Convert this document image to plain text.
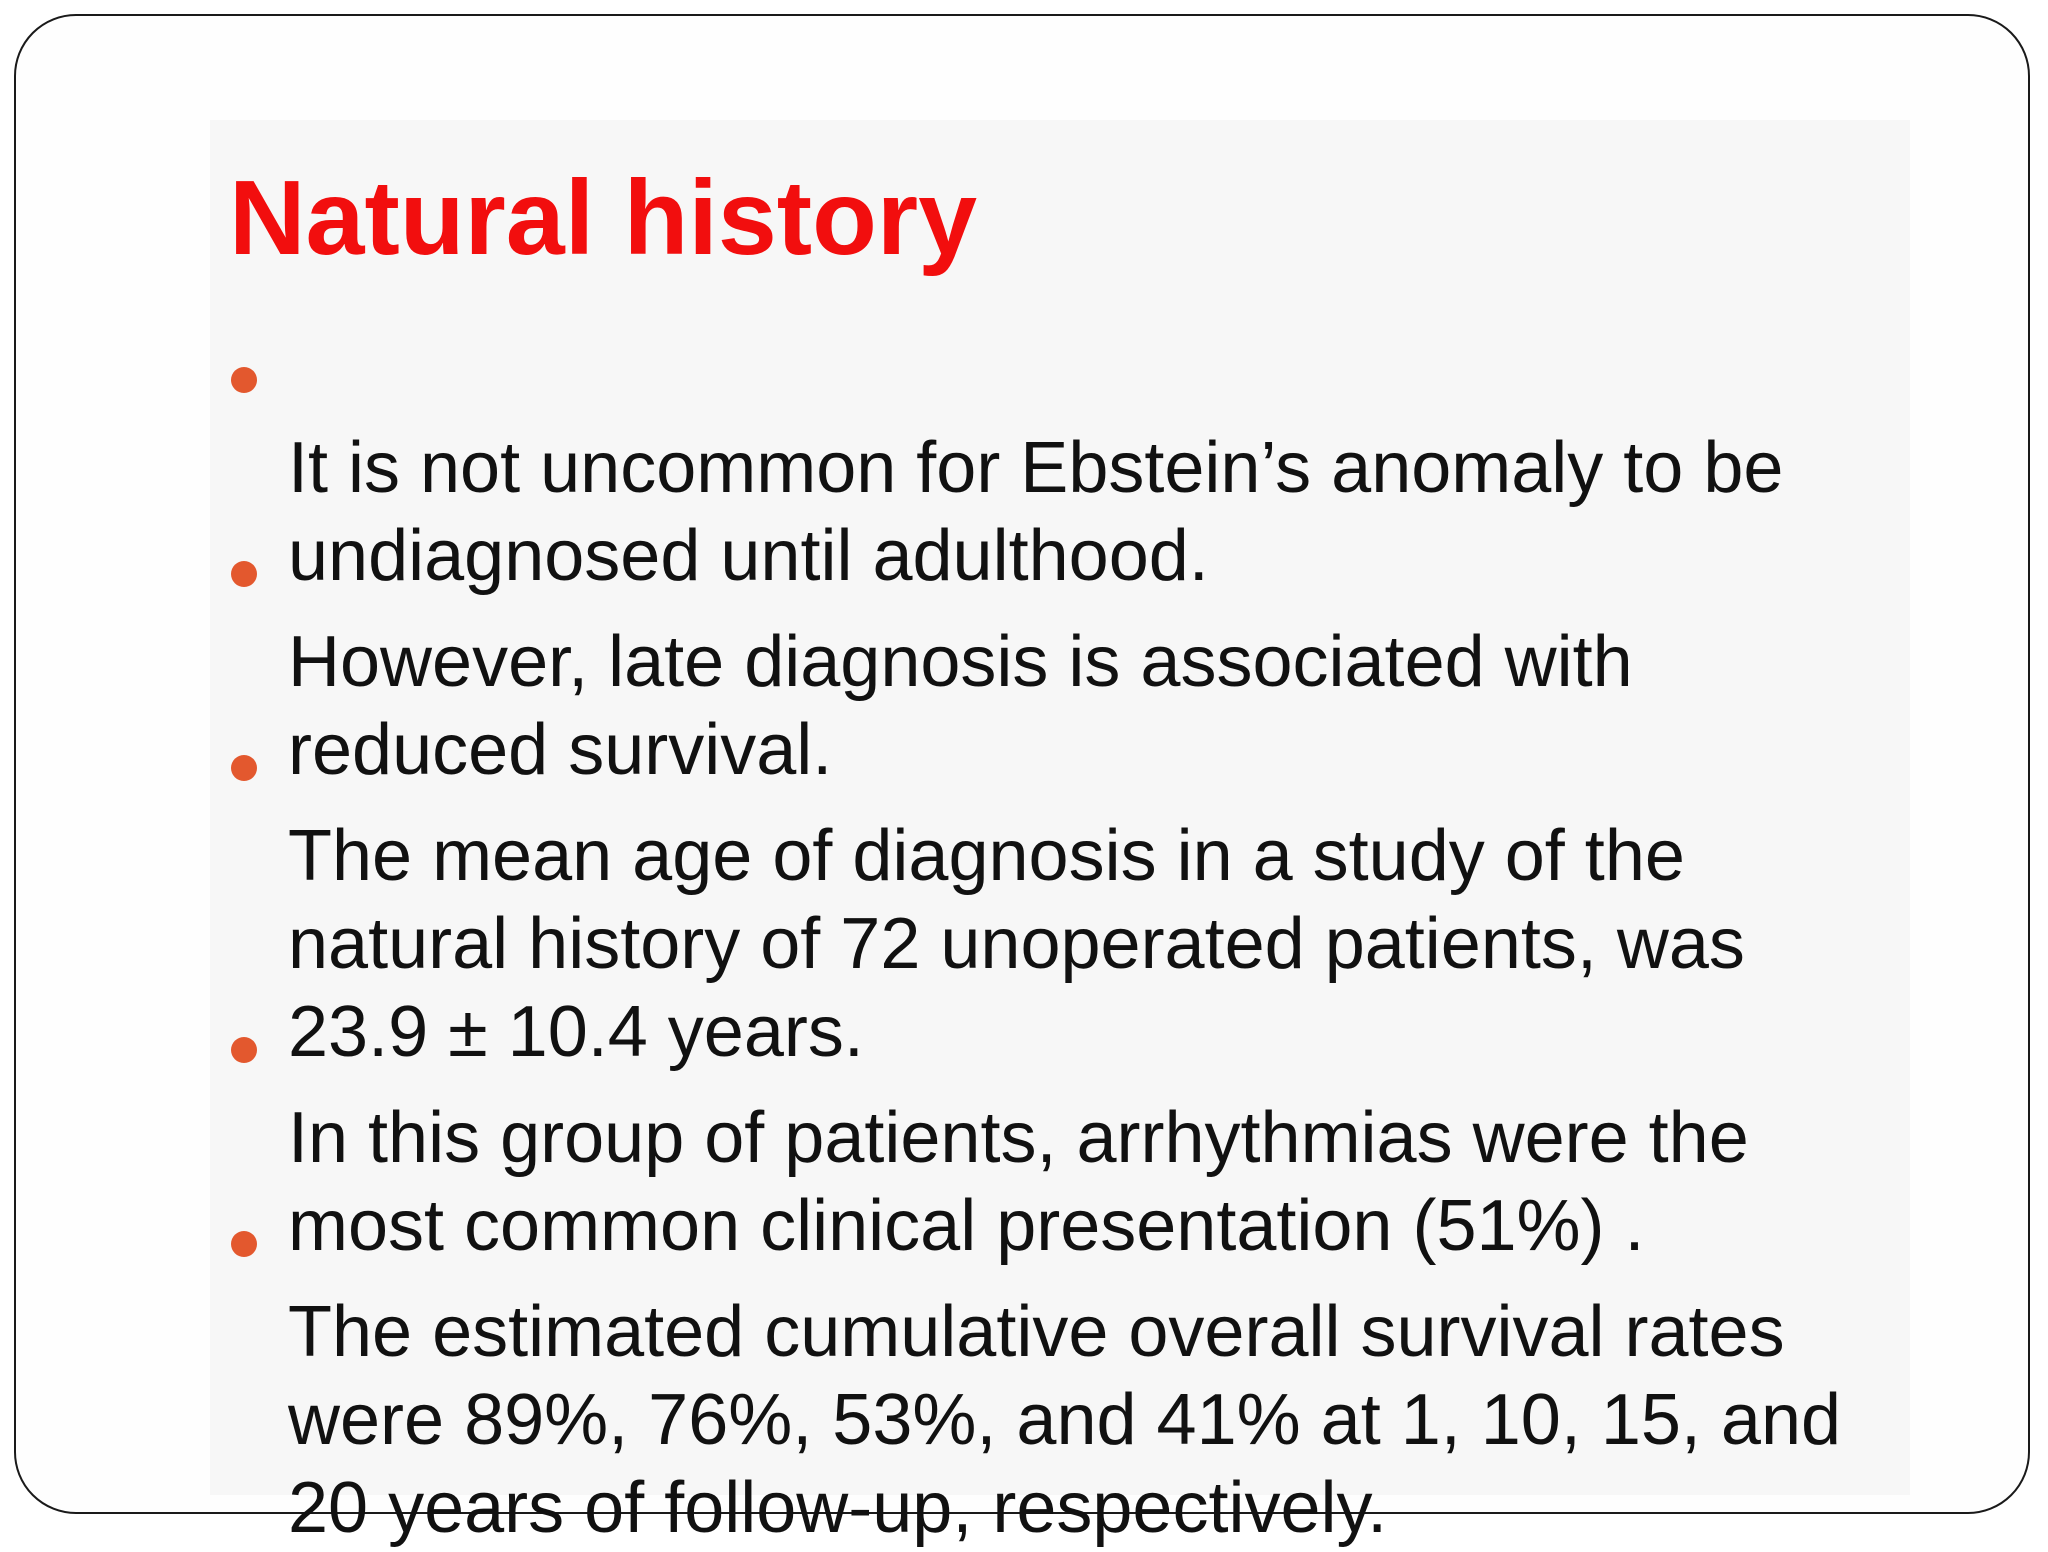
Natural history

It is not uncommon for Ebstein’s anomaly to be
undiagnosed until adulthood.

However, late diagnosis is associated with
reduced survival.

The mean age of diagnosis in a study of the
natural history of 72 unoperated patients, was
23.9 ± 10.4 years.

In this group of patients, arrhythmias were the
most common clinical presentation (51%) .

The estimated cumulative overall survival rates
were 89%, 76%, 53%, and 41% at 1, 10, 15, and
20 years of follow-up, respectively.
